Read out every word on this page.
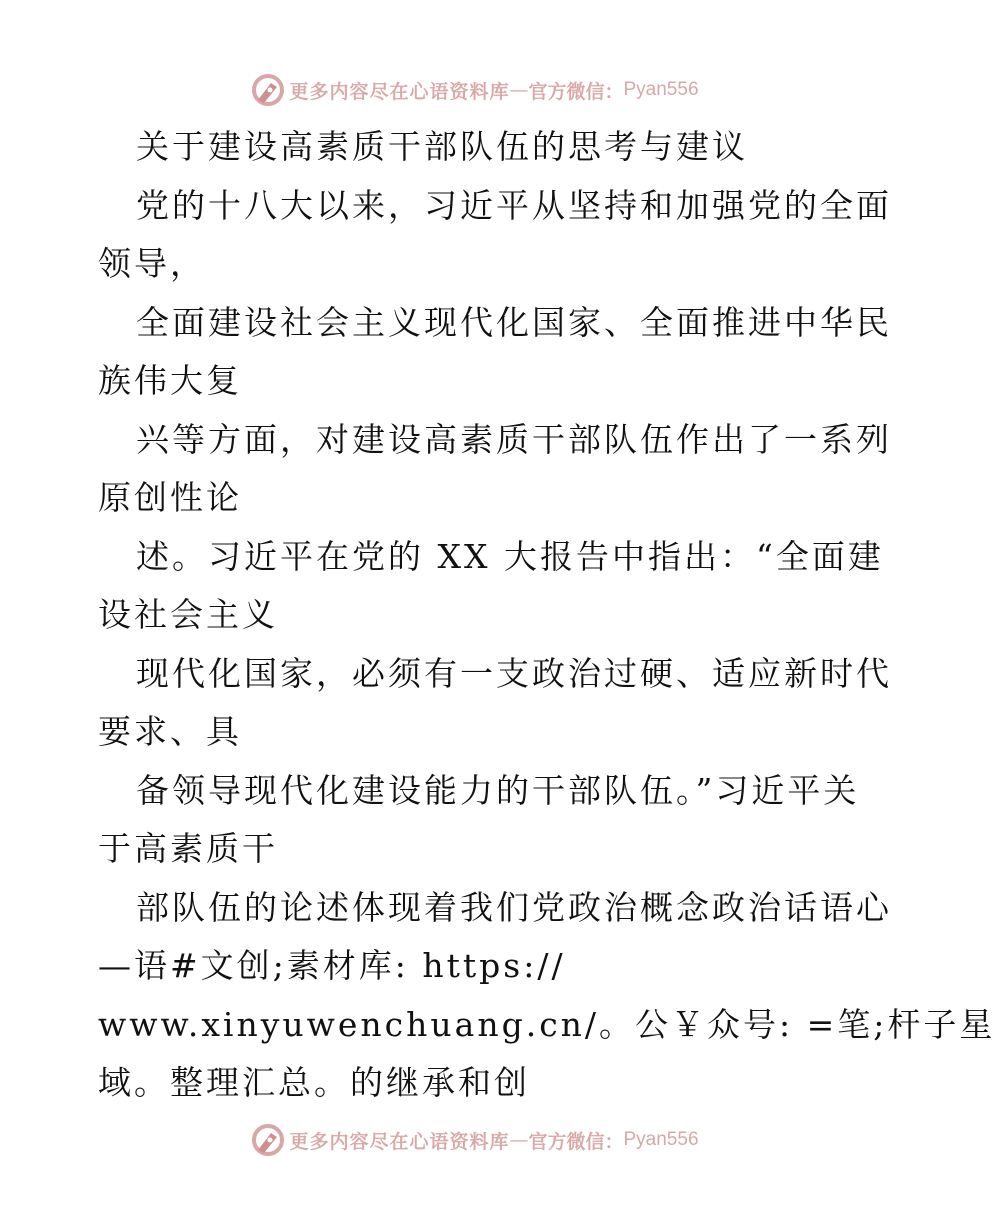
更多内容尽在心语资料库 — 官方微信： Pyan556
关于建设高素质干部队伍的思考与建议
党的十八大以来，习近平从坚持和加强党的全面
领导，
全面建设社会主义现代化国家、全面推进中华民
族伟大复
兴等方面，对建设高素质干部队伍作出了一系列
原创性论
述。习近平在党的 XX 大报告中指出：“全面建
设社会主义
现代化国家，必须有一支政治过硬、适应新时代
要求、具
备领导现代化建设能力的干部队伍。”习近平关
于高素质干
部队伍的论述体现着我们党政治概念政治话语心
—语#文创;素材库: https://
www.xinyuwenchuang.cn/。公￥众号: =笔;杆子星
域。整理汇总。的继承和创
更多内容尽在心语资料库 — 官方微信： Pyan556
